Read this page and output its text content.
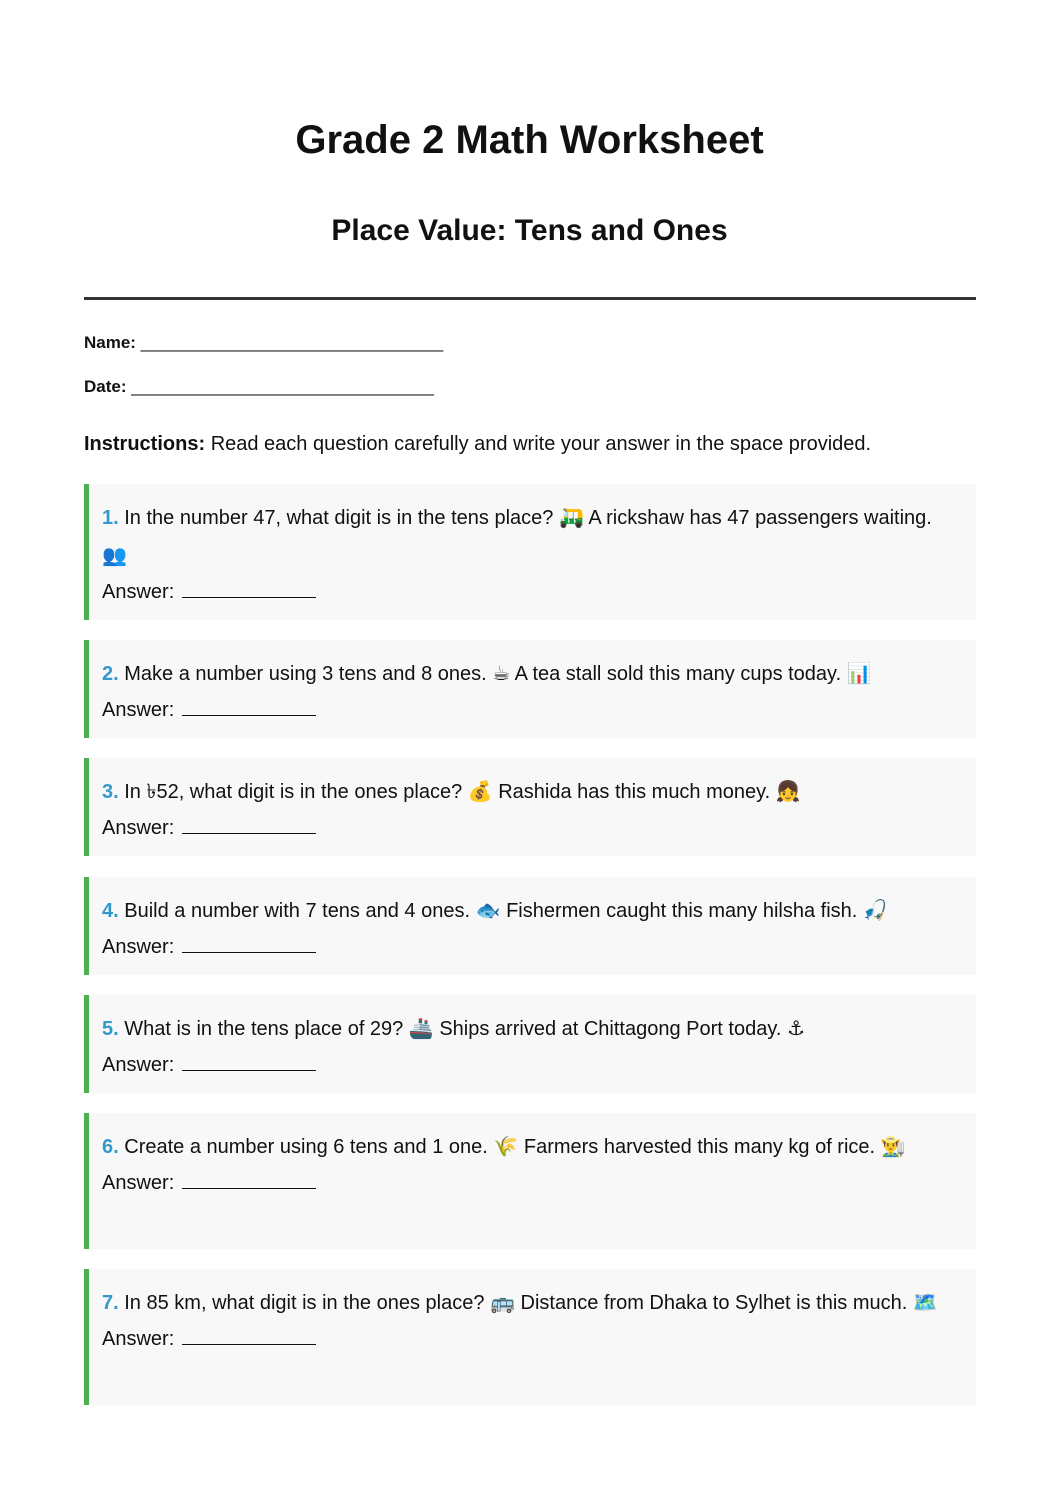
Grade 2 Math Worksheet
Place Value: Tens and Ones
Name: ________________________________
Date: ________________________________
Instructions: Read each question carefully and write your answer in the space provided.
1. In the number 47, what digit is in the tens place? 🛺 A rickshaw has 47 passengers waiting. 👥
Answer:
2. Make a number using 3 tens and 8 ones. ☕ A tea stall sold this many cups today. 📊
Answer:
3. In ৳52, what digit is in the ones place? 💰 Rashida has this much money. 👧
Answer:
4. Build a number with 7 tens and 4 ones. 🐟 Fishermen caught this many hilsha fish. 🎣
Answer:
5. What is in the tens place of 29? 🚢 Ships arrived at Chittagong Port today. ⚓
Answer:
6. Create a number using 6 tens and 1 one. 🌾 Farmers harvested this many kg of rice. 👨‍🌾
Answer:
7. In 85 km, what digit is in the ones place? 🚌 Distance from Dhaka to Sylhet is this much. 🗺️
Answer:
